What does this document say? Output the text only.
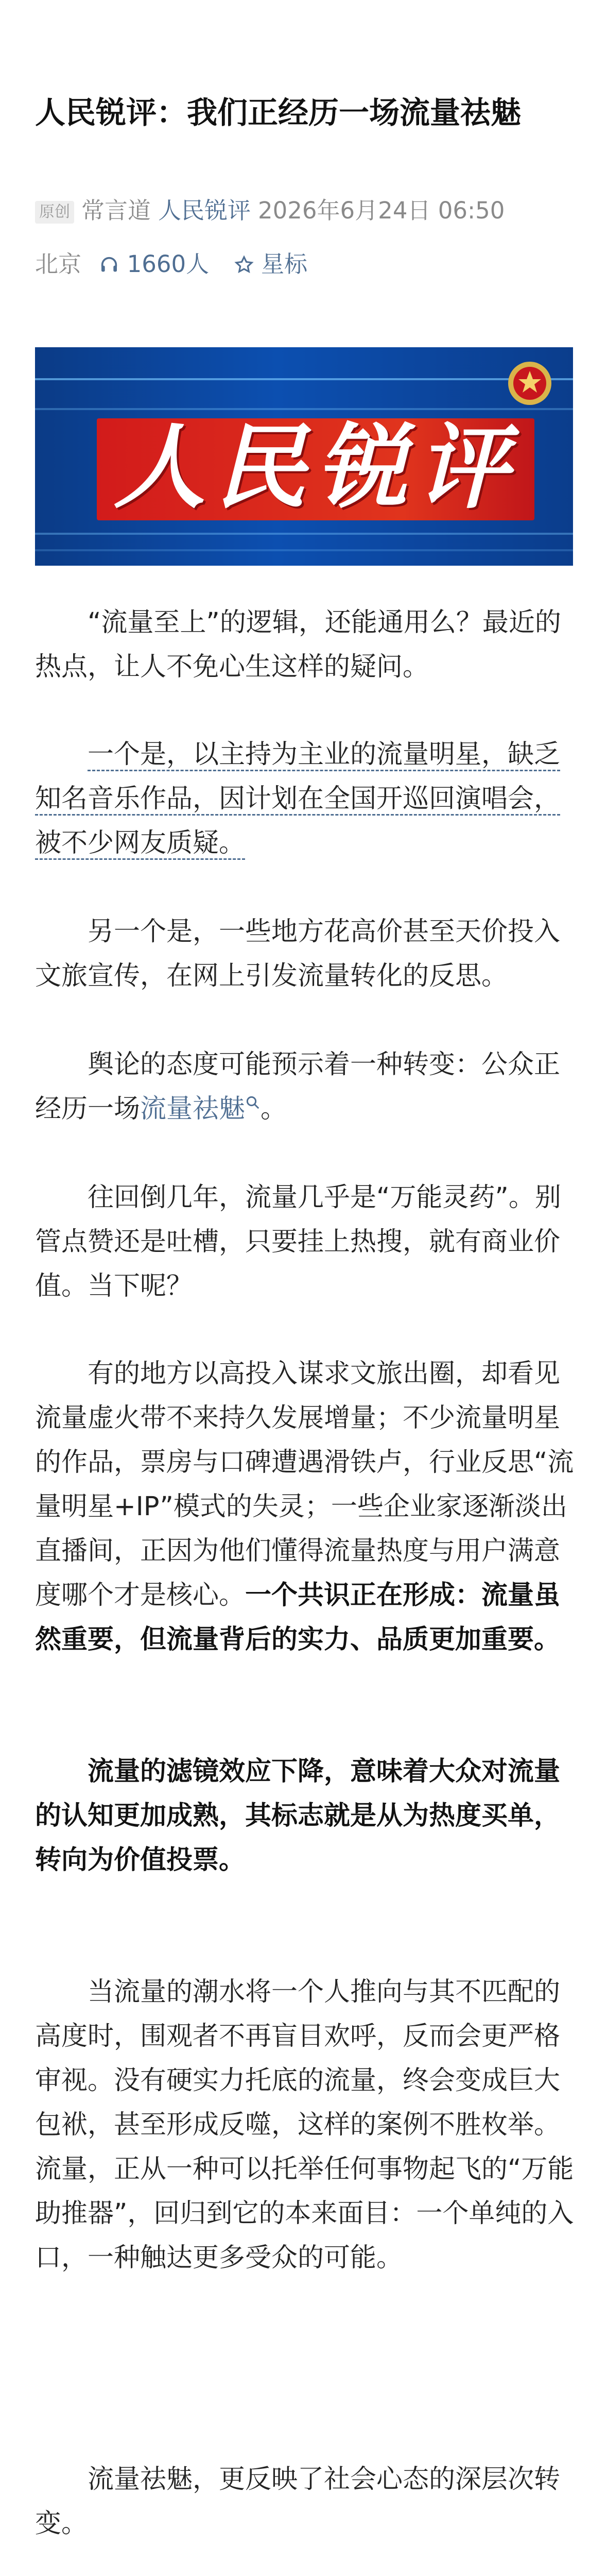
人民锐评：我们正经历一场流量祛魅
原创 常言道 人民锐评 2026年6月24日 06:50
北京 1660人 星标
人民锐评
“流量至上”的逻辑，还能通用么？最近的热点，让人不免心生这样的疑问。
一个是，以主持为主业的流量明星，缺乏知名音乐作品，因计划在全国开巡回演唱会，被不少网友质疑。
另一个是，一些地方花高价甚至天价投入文旅宣传，在网上引发流量转化的反思。
舆论的态度可能预示着一种转变：公众正经历一场流量祛魅 。
往回倒几年，流量几乎是“万能灵药”。别管点赞还是吐槽，只要挂上热搜，就有商业价值。当下呢？
有的地方以高投入谋求文旅出圈，却看见流量虚火带不来持久发展增量；不少流量明星的作品，票房与口碑遭遇滑铁卢，行业反思“流量明星+IP”模式的失灵；一些企业家逐渐淡出直播间，正因为他们懂得流量热度与用户满意度哪个才是核心。一个共识正在形成：流量虽然重要，但流量背后的实力、品质更加重要。
流量的滤镜效应下降，意味着大众对流量的认知更加成熟，其标志就是从为热度买单，转向为价值投票。
当流量的潮水将一个人推向与其不匹配的高度时，围观者不再盲目欢呼，反而会更严格审视。没有硬实力托底的流量，终会变成巨大包袱，甚至形成反噬，这样的案例不胜枚举。流量，正从一种可以托举任何事物起飞的“万能助推器”，回归到它的本来面目：一个单纯的入口，一种触达更多受众的可能。
流量祛魅，更反映了社会心态的深层次转变。
